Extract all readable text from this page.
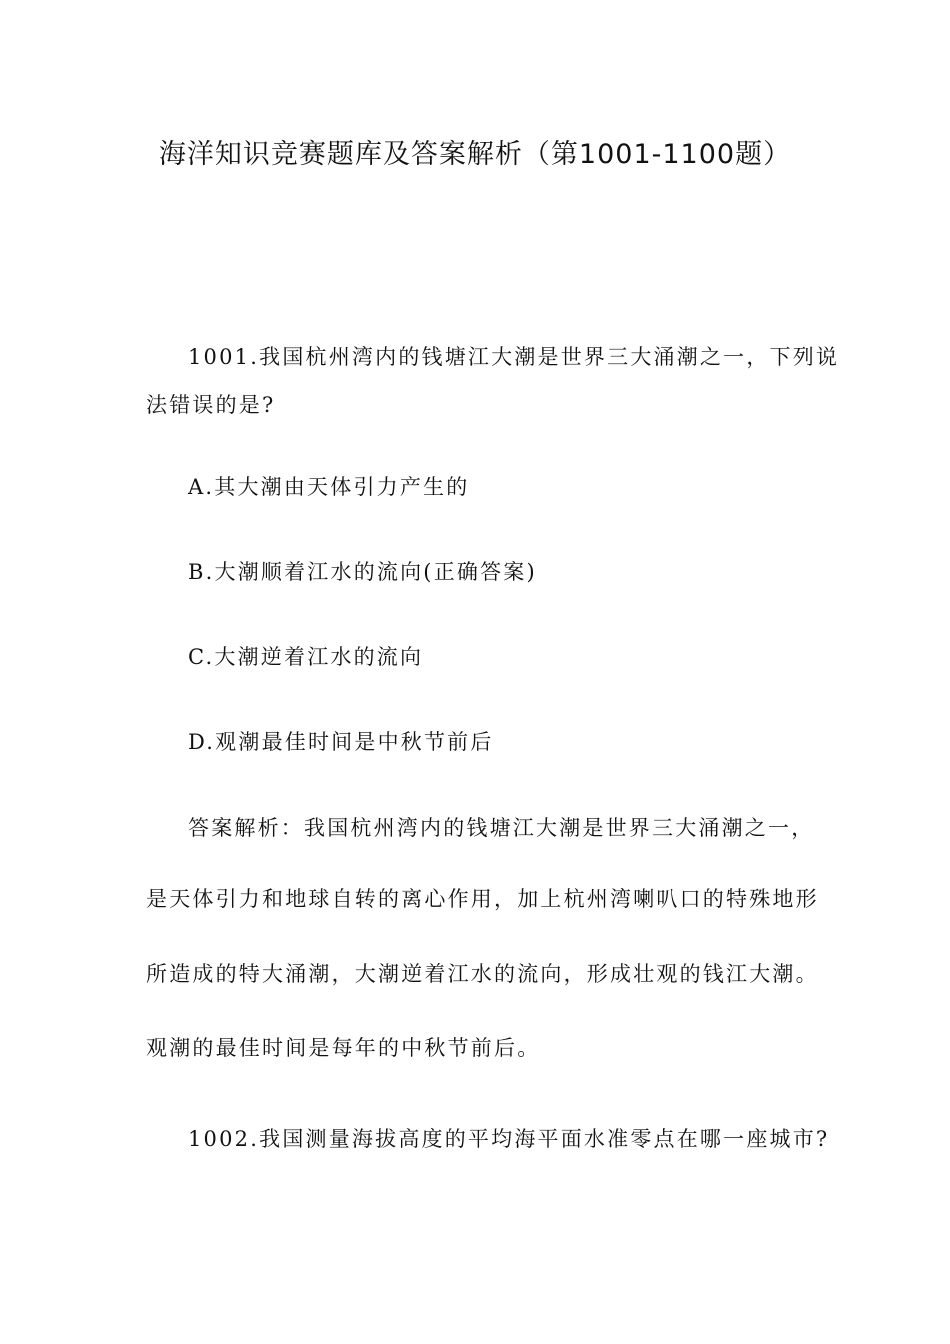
海洋知识竞赛题库及答案解析（第1001-1100题）
1001.我国杭州湾内的钱塘江大潮是世界三大涌潮之一，下列说
法错误的是?
A.其大潮由天体引力产生的
B.大潮顺着江水的流向(正确答案)
C.大潮逆着江水的流向
D.观潮最佳时间是中秋节前后
答案解析：我国杭州湾内的钱塘江大潮是世界三大涌潮之一，
是天体引力和地球自转的离心作用，加上杭州湾喇叭口的特殊地形
所造成的特大涌潮，大潮逆着江水的流向，形成壮观的钱江大潮。
观潮的最佳时间是每年的中秋节前后。
1002.我国测量海拔高度的平均海平面水准零点在哪一座城市?
